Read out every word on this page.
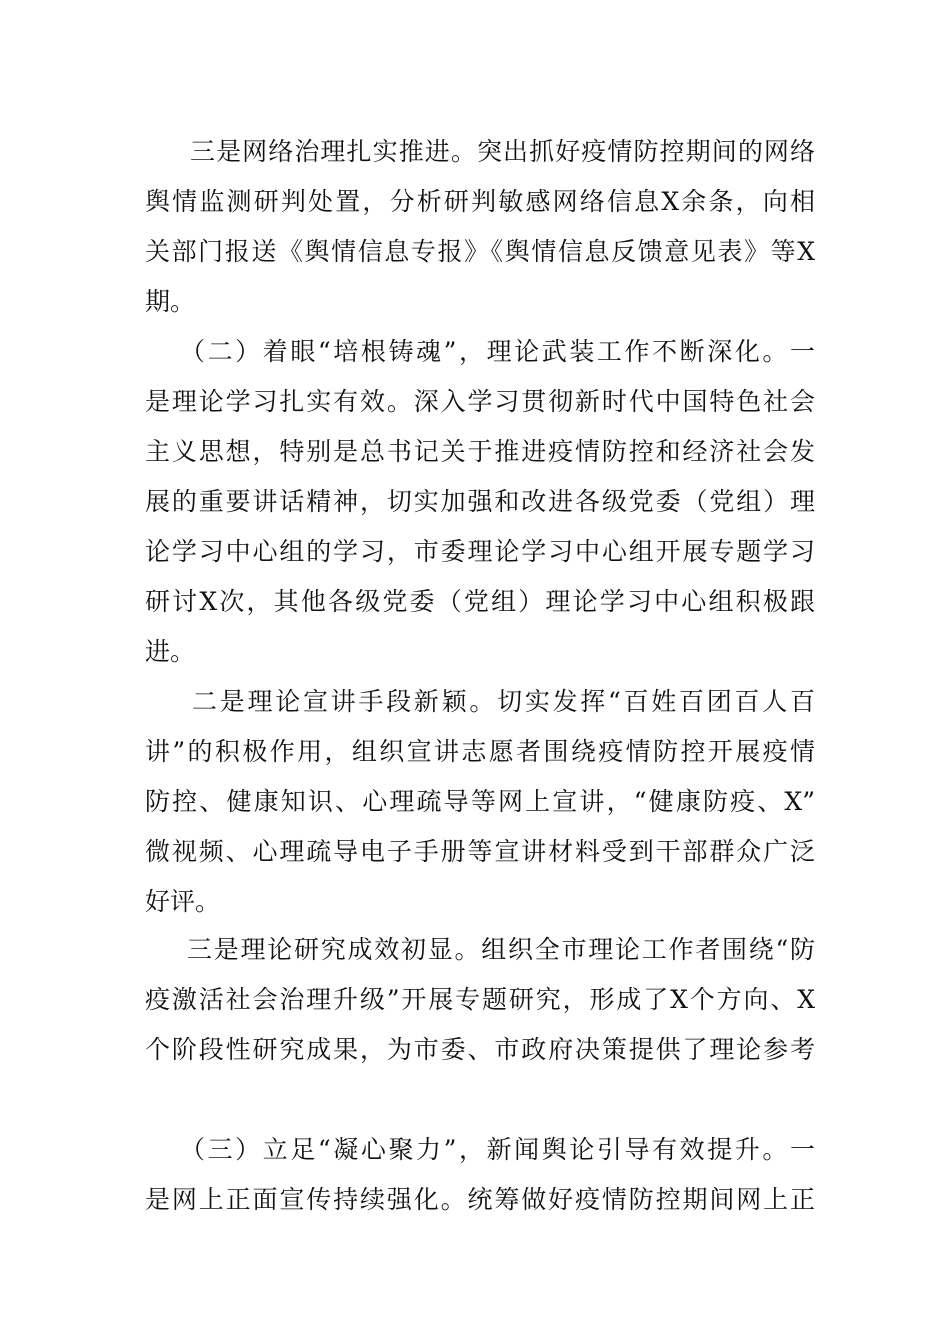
三是网络治理扎实推进。突出抓好疫情防控期间的网络
舆情监测研判处置，分析研判敏感网络信息X余条，向相
关部门报送《舆情信息专报》《舆情信息反馈意见表》等X
期。
（二）着眼“培根铸魂”，理论武装工作不断深化。一
是理论学习扎实有效。深入学习贯彻新时代中国特色社会
主义思想，特别是总书记关于推进疫情防控和经济社会发
展的重要讲话精神，切实加强和改进各级党委（党组）理
论学习中心组的学习，市委理论学习中心组开展专题学习
研讨X次，其他各级党委（党组）理论学习中心组积极跟
进。
二是理论宣讲手段新颖。切实发挥“百姓百团百人百
讲”的积极作用，组织宣讲志愿者围绕疫情防控开展疫情
防控、健康知识、心理疏导等网上宣讲，“健康防疫、X”
微视频、心理疏导电子手册等宣讲材料受到干部群众广泛
好评。
三是理论研究成效初显。组织全市理论工作者围绕“防
疫激活社会治理升级”开展专题研究，形成了X个方向、X
个阶段性研究成果，为市委、市政府决策提供了理论参考
（三）立足“凝心聚力”，新闻舆论引导有效提升。一
是网上正面宣传持续强化。统筹做好疫情防控期间网上正
